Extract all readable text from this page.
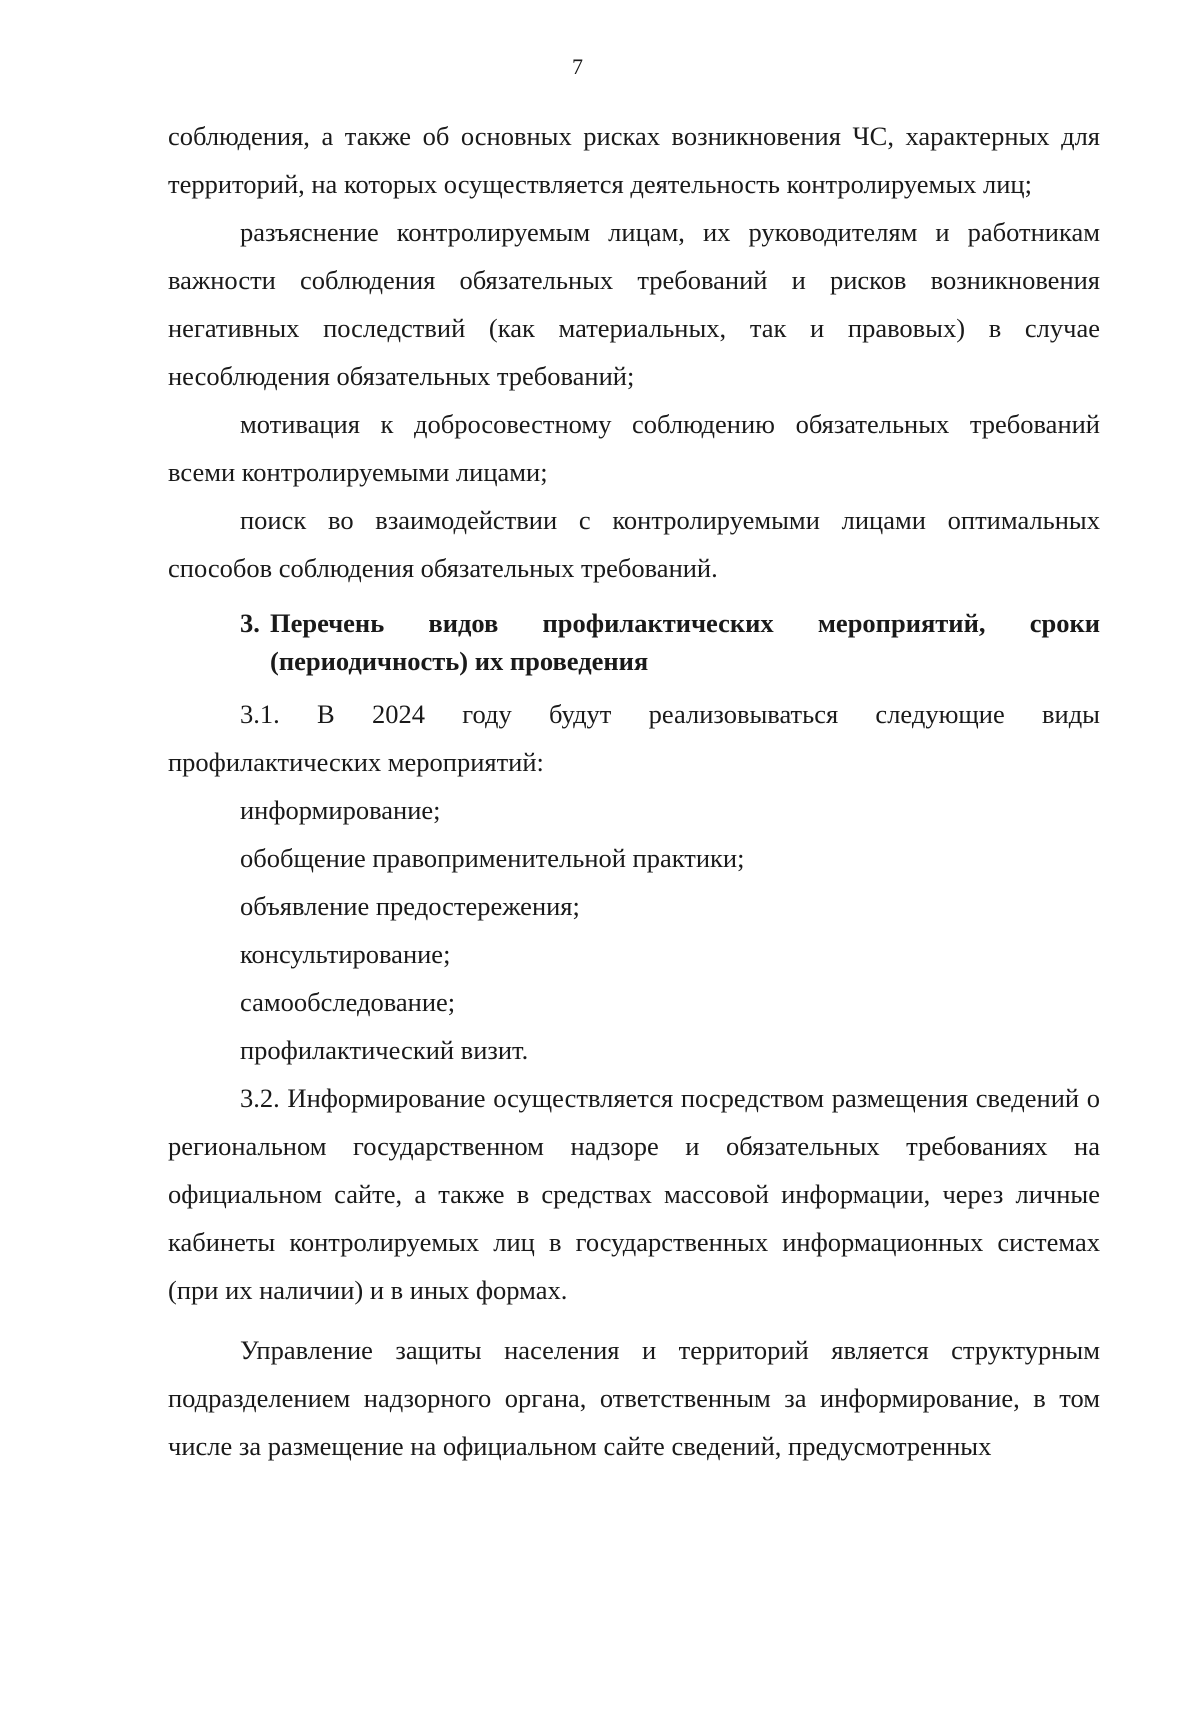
7

соблюдения, а также об основных рисках возникновения ЧС, характерных для территорий, на которых осуществляется деятельность контролируемых лиц;

разъяснение контролируемым лицам, их руководителям и работникам важности соблюдения обязательных требований и рисков возникновения негативных последствий (как материальных, так и правовых) в случае несоблюдения обязательных требований;

мотивация к добросовестному соблюдению обязательных требований всеми контролируемыми лицами;

поиск во взаимодействии с контролируемыми лицами оптимальных способов соблюдения обязательных требований.

3. Перечень видов профилактических мероприятий, сроки (периодичность) их проведения

3.1. В 2024 году будут реализовываться следующие виды профилактических мероприятий:

информирование;

обобщение правоприменительной практики;

объявление предостережения;

консультирование;

самообследование;

профилактический визит.

3.2. Информирование осуществляется посредством размещения сведений о региональном государственном надзоре и обязательных требованиях на официальном сайте, а также в средствах массовой информации, через личные кабинеты контролируемых лиц в государственных информационных системах (при их наличии) и в иных формах.

Управление защиты населения и территорий является структурным подразделением надзорного органа, ответственным за информирование, в том числе за размещение на официальном сайте сведений, предусмотренных
